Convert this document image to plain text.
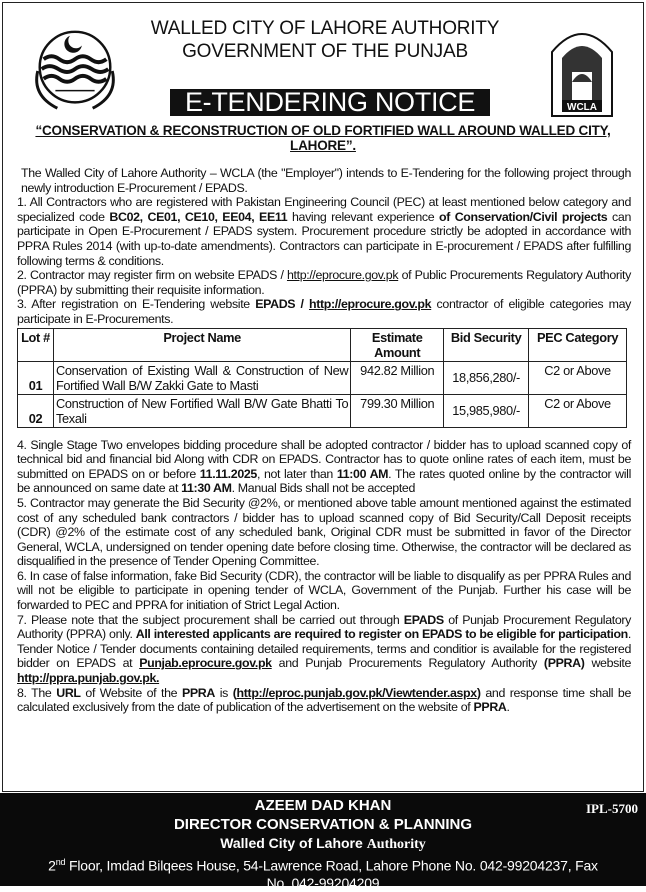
WCLA
WALLED CITY OF LAHORE AUTHORITY
GOVERNMENT OF THE PUNJAB
E-TENDERING NOTICE
“CONSERVATION & RECONSTRUCTION OF OLD FORTIFIED WALL AROUND WALLED CITY, LAHORE”.

The Walled City of Lahore Authority – WCLA (the "Employer") intends to E-Tendering for the following project through newly introduction E-Procurement / EPADS.

1. All Contractors who are registered with Pakistan Engineering Council (PEC) at least mentioned below category and specialized code BC02, CE01, CE10, EE04, EE11 having relevant experience of Conservation/Civil projects can participate in Open E-Procurement / EPADS system. Procurement procedure strictly be adopted in accordance with PPRA Rules 2014 (with up-to-date amendments). Contractors can participate in E-procurement / EPADS after fulfilling following terms & conditions.

2. Contractor may register firm on website EPADS / http://eprocure.gov.pk of Public Procurements Regulatory Authority (PPRA) by submitting their requisite information.

3. After registration on E-Tendering website EPADS / http://eprocure.gov.pk contractor of eligible categories may participate in E-Procurements.

Lot #	Project Name	Estimate Amount	Bid Security	PEC Category
01	Conservation of Existing Wall & Construction of New Fortified Wall B/W Zakki Gate to Masti	942.82 Million	18,856,280/-	C2 or Above
02	Construction of New Fortified Wall B/W Gate Bhatti To Texali	799.30 Million	15,985,980/-	C2 or Above

4. Single Stage Two envelopes bidding procedure shall be adopted contractor / bidder has to upload scanned copy of technical bid and financial bid Along with CDR on EPADS. Contractor has to quote online rates of each item, must be submitted on EPADS on or before 11.11.2025, not later than 11:00 AM. The rates quoted online by the contractor will be announced on same date at 11:30 AM. Manual Bids shall not be accepted

5. Contractor may generate the Bid Security @2%, or mentioned above table amount mentioned against the estimated cost of any scheduled bank contractors / bidder has to upload scanned copy of Bid Security/Call Deposit receipts (CDR) @2% of the estimate cost of any scheduled bank, Original CDR must be submitted in favor of the Director General, WCLA, undersigned on tender opening date before closing time. Otherwise, the contractor will be declared as disqualified in the presence of Tender Opening Committee.

6. In case of false information, fake Bid Security (CDR), the contractor will be liable to disqualify as per PPRA Rules and will not be eligible to participate in opening tender of WCLA, Government of the Punjab. Further his case will be forwarded to PEC and PPRA for initiation of Strict Legal Action.

7. Please note that the subject procurement shall be carried out through EPADS of Punjab Procurement Regulatory Authority (PPRA) only. All interested applicants are required to register on EPADS to be eligible for participation. Tender Notice / Tender documents containing detailed requirements, terms and conditior is available for the registered bidder on EPADS at Punjab.eprocure.gov.pk and Punjab Procurements Regulatory Authority (PPRA) website http://ppra.punjab.gov.pk.

8. The URL of Website of the PPRA is (http://eproc.punjab.gov.pk/Viewtender.aspx) and response time shall be calculated exclusively from the date of publication of the advertisement on the website of PPRA.

IPL-5700
AZEEM DAD KHAN
DIRECTOR CONSERVATION & PLANNING
Walled City of Lahore Authority
2nd Floor, Imdad Bilqees House, 54-Lawrence Road, Lahore Phone No. 042-99204237, Fax
No. 042-99204209
